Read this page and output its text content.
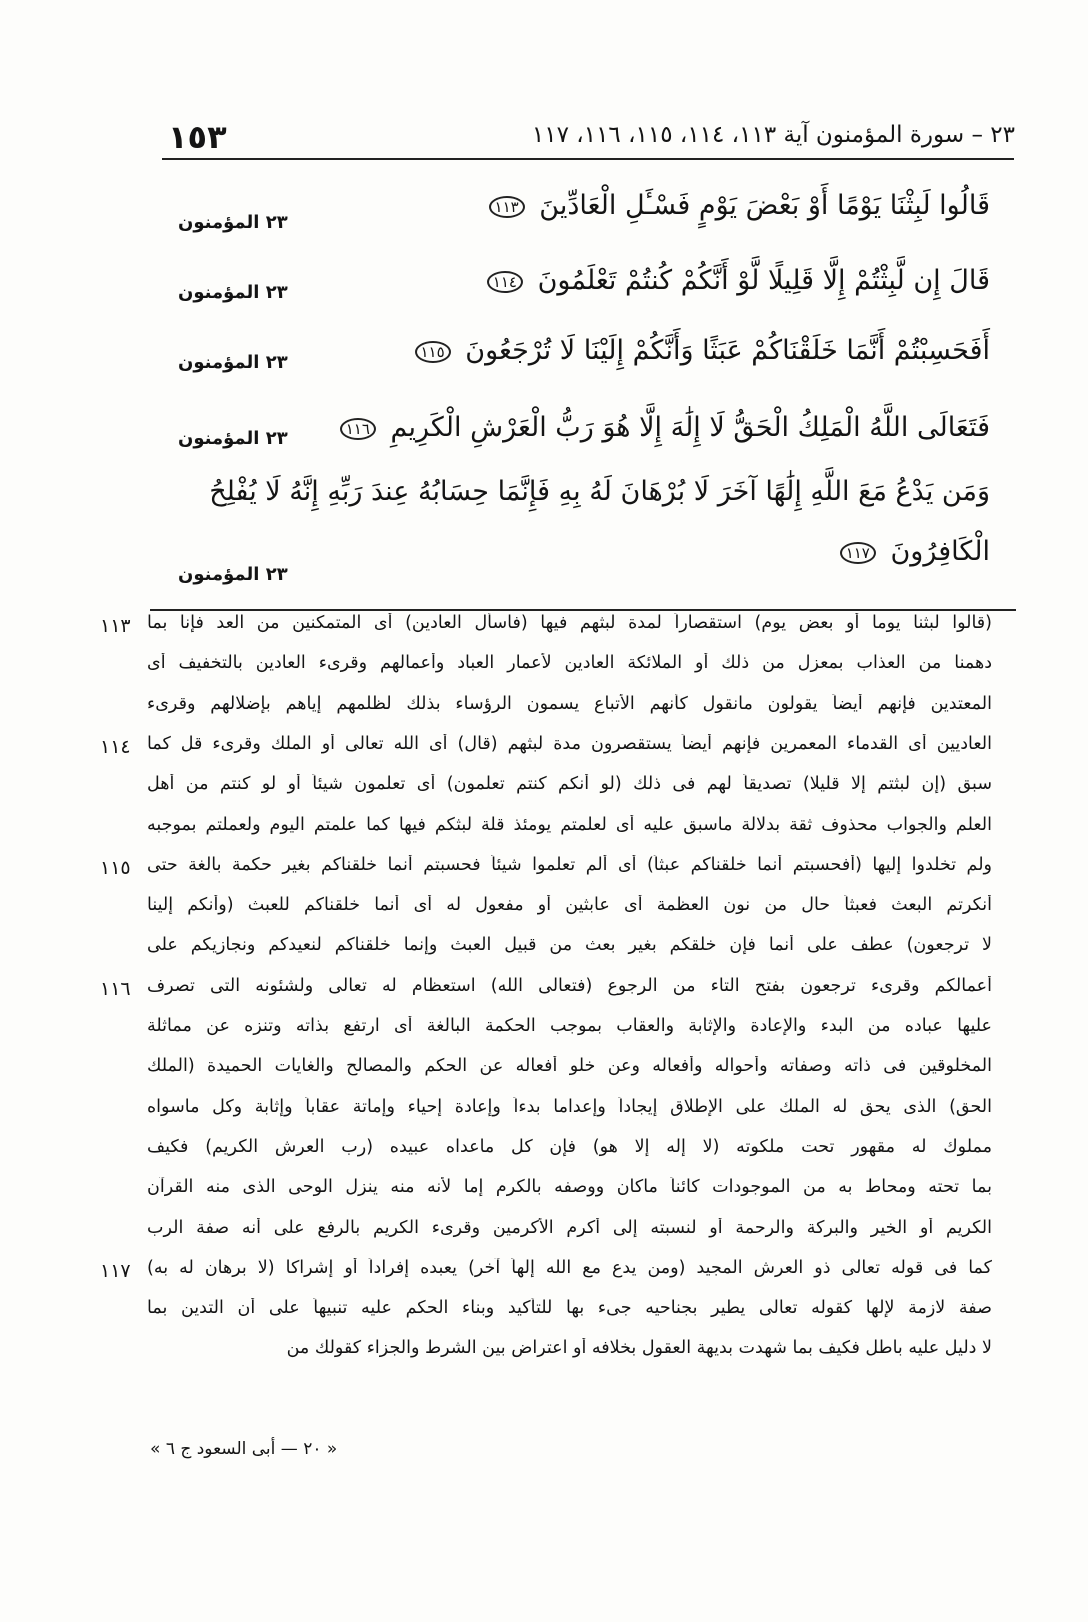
٢٣ – سورة المؤمنون آية ١١٣، ١١٤، ١١٥، ١١٦، ١١٧
١٥٣
قَالُوا لَبِثْنَا يَوْمًا أَوْ بَعْضَ يَوْمٍ فَسْـَٔلِ الْعَادِّينَ ١١٣
٢٣ المؤمنون
قَالَ إِن لَّبِثْتُمْ إِلَّا قَلِيلًا لَّوْ أَنَّكُمْ كُنتُمْ تَعْلَمُونَ ١١٤
٢٣ المؤمنون
أَفَحَسِبْتُمْ أَنَّمَا خَلَقْنَاكُمْ عَبَثًا وَأَنَّكُمْ إِلَيْنَا لَا تُرْجَعُونَ ١١٥
٢٣ المؤمنون
فَتَعَالَى اللَّهُ الْمَلِكُ الْحَقُّ لَا إِلَٰهَ إِلَّا هُوَ رَبُّ الْعَرْشِ الْكَرِيمِ ١١٦
٢٣ المؤمنون
وَمَن يَدْعُ مَعَ اللَّهِ إِلَٰهًا آخَرَ لَا بُرْهَانَ لَهُ بِهِ فَإِنَّمَا حِسَابُهُ عِندَ رَبِّهِ إِنَّهُ لَا يُفْلِحُ
الْكَافِرُونَ ١١٧
٢٣ المؤمنون
(قالوا لبثنا يوما أو بعض يوم) استقصاراً لمدة لبثهم فيها (فاسأل العادين) أى المتمكنين من العد فإنا بما
١١٣
دهمنا من العذاب بمعزل من ذلك أو الملائكة العادين لأعمار العباد وأعمالهم وقرىء العادين بالتخفيف أى
المعتدين فإنهم أيضاً يقولون مانقول كأنهم الأتباع يسمون الرؤساء بذلك لظلمهم إياهم بإضلالهم وقرىء
العاديين أى القدماء المعمرين فإنهم أيضاً يستقصرون مدة لبثهم (قال) أى الله تعالى أو الملك وقرىء قل كما
١١٤
سبق (إن لبثتم إلا قليلا) تصديقاً لهم فى ذلك (لو أنكم كنتم تعلمون) أى تعلمون شيئاً أو لو كنتم من أهل
العلم والجواب محذوف ثقة بدلالة ماسبق عليه أى لعلمتم يومئذ قلة لبثكم فيها كما علمتم اليوم ولعملتم بموجبه
ولم تخلدوا إليها (أفحسبتم أنما خلقناكم عبثاً) أى ألم تعلموا شيئاً فحسبتم أنما خلقناكم بغير حكمة بالغة حتى
١١٥
أنكرتم البعث فعبثاً حال من نون العظمة أى عابثين أو مفعول له أى أنما خلقناكم للعبث (وأنكم إلينا
لا ترجعون) عطف على أنما فإن خلقكم بغير بعث من قبيل العبث وإنما خلقناكم لنعيدكم ونجازيكم على
أعمالكم وقرىء ترجعون بفتح التاء من الرجوع (فتعالى الله) استعظام له تعالى ولشئونه التى تصرف
١١٦
عليها عباده من البدء والإعادة والإثابة والعقاب بموجب الحكمة البالغة أى ارتفع بذاته وتنزه عن مماثلة
المخلوقين فى ذاته وصفاته وأحواله وأفعاله وعن خلو أفعاله عن الحكم والمصالح والغايات الحميدة (الملك
الحق) الذى يحق له الملك على الإطلاق إيجاداً وإعداما بدءاً وإعادة إحياء وإماتة عقاباً وإثابة وكل ماسواه
مملوك له مقهور تحت ملكوته (لا إله إلا هو) فإن كل ماعداه عبيده (رب العرش الكريم) فكيف
بما تحته ومحاط به من الموجودات كائناً ماكان ووصفه بالكرم إما لأنه منه ينزل الوحى الذى منه القرآن
الكريم أو الخير والبركة والرحمة أو لنسبته إلى أكرم الأكرمين وقرىء الكريم بالرفع على أنه صفة الرب
كما فى قوله تعالى ذو العرش المجيد (ومن يدع مع الله إلهاً آخر) يعبده إفراداً أو إشراكا (لا برهان له به)
١١٧
صفة لازمة لإلها كقوله تعالى يطير بجناحيه جىء بها للتأكيد وبناء الحكم عليه تنبيهاً على أن التدين بما
لا دليل عليه باطل فكيف بما شهدت بديهة العقول بخلافه أو اعتراض بين الشرط والجزاء كقولك من
« ٢٠ — أبى السعود ج ٦ »
